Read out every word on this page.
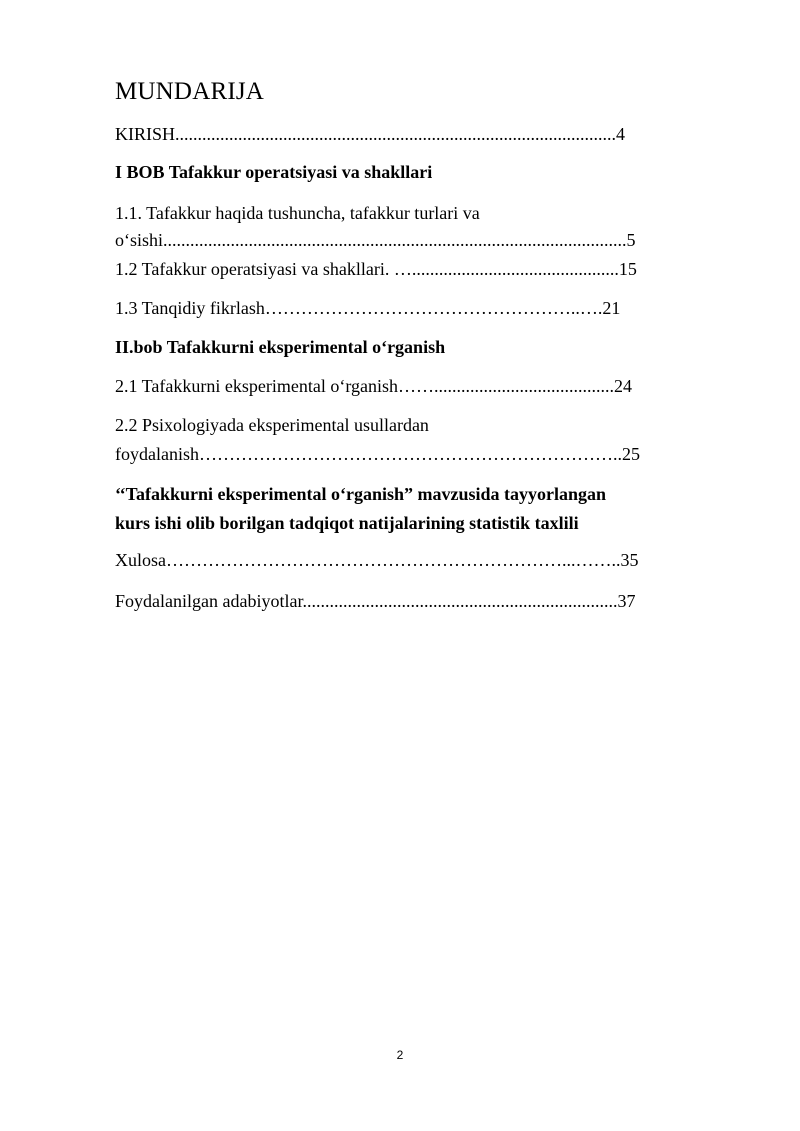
MUNDARIJA
KIRISH..................................................................................................4
I BOB Tafakkur operatsiyasi va shakllari
1.1. Tafakkur haqida tushuncha, tafakkur turlari va
o‘sishi.......................................................................................................5
1.2 Tafakkur operatsiyasi va shakllari. …..............................................15
1.3 Tanqidiy fikrlash……………………………………………..….21
II.bob Tafakkurni eksperimental o‘rganish
2.1 Tafakkurni eksperimental o‘rganish……........................................24
2.2 Psixologiyada eksperimental usullardan
foydalanish……………………………………………………………..25
‘‘Tafakkurni eksperimental o‘rganish” mavzusida tayyorlangan
kurs ishi olib borilgan tadqiqot natijalarining statistik taxlili
Xulosa…………………………………………………………...……..35
Foydalanilgan adabiyotlar......................................................................37
2
